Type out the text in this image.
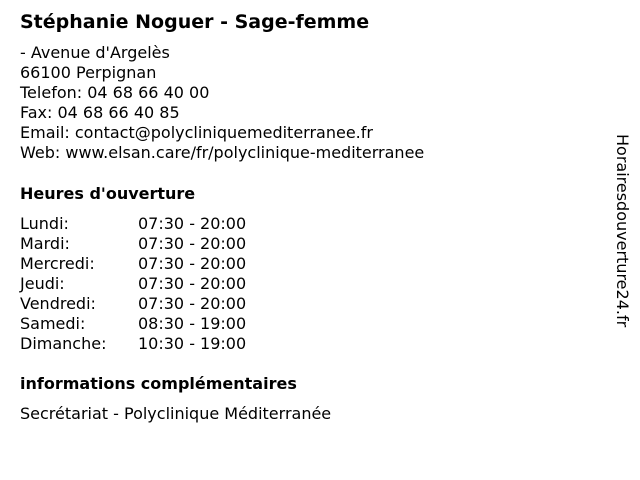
Stéphanie Noguer - Sage-femme
- Avenue d'Argelès
66100 Perpignan
Telefon: 04 68 66 40 00
Fax: 04 68 66 40 85
Email: contact@polycliniquemediterranee.fr
Web: www.elsan.care/fr/polyclinique-mediterranee
Heures d'ouverture
Lundi:	07:30 - 20:00
Mardi:	07:30 - 20:00
Mercredi:	07:30 - 20:00
Jeudi:	07:30 - 20:00
Vendredi:	07:30 - 20:00
Samedi:	08:30 - 19:00
Dimanche:	10:30 - 19:00
informations complémentaires
Secrétariat - Polyclinique Méditerranée
Horairesdouverture24.fr
